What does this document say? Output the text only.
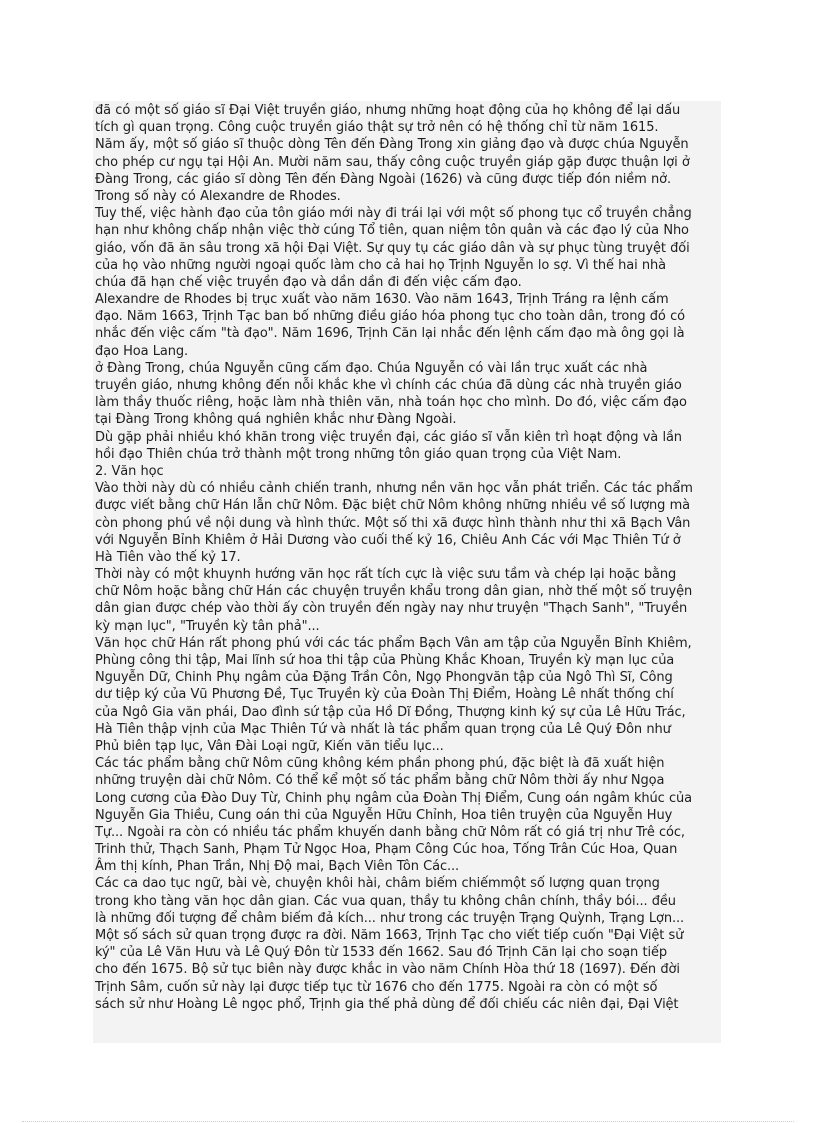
đã có một số giáo sĩ Đại Việt truyền giáo, nhưng những hoạt động của họ không để lại dấu
tích gì quan trọng. Công cuộc truyền giáo thật sự trở nên có hệ thống chỉ từ năm 1615.
Năm ấy, một số giáo sĩ thuộc dòng Tên đến Đàng Trong xin giảng đạo và được chúa Nguyễn
cho phép cư ngụ tại Hội An. Mười năm sau, thấy công cuộc truyền giáp gặp được thuận lợi ở
Đàng Trong, các giáo sĩ dòng Tên đến Đàng Ngoài (1626) và cũng được tiếp đón niềm nở.
Trong số này có Alexandre de Rhodes.
Tuy thế, việc hành đạo của tôn giáo mới này đi trái lại với một số phong tục cổ truyền chẳng
hạn như không chấp nhận việc thờ cúng Tổ tiên, quan niệm tôn quân và các đạo lý của Nho
giáo, vốn đã ăn sâu trong xã hội Đại Việt. Sự quy tụ các giáo dân và sự phục tùng truyệt đối
của họ vào những người ngoại quốc làm cho cả hai họ Trịnh Nguyễn lo sợ. Vì thế hai nhà
chúa đã hạn chế việc truyền đạo và dần dần đi đến việc cấm đạo.
Alexandre de Rhodes bị trục xuất vào năm 1630. Vào năm 1643, Trịnh Tráng ra lệnh cấm
đạo. Năm 1663, Trịnh Tạc ban bố những điều giáo hóa phong tục cho toàn dân, trong đó có
nhắc đến việc cấm "tà đạo". Năm 1696, Trịnh Căn lại nhắc đến lệnh cấm đạo mà ông gọi là
đạo Hoa Lang.
ở Đàng Trong, chúa Nguyễn cũng cấm đạo. Chúa Nguyễn có vài lần trục xuất các nhà
truyền giáo, nhưng không đến nỗi khắc khe vì chính các chúa đã dùng các nhà truyền giáo
làm thầy thuốc riêng, hoặc làm nhà thiên văn, nhà toán học cho mình. Do đó, việc cấm đạo
tại Đàng Trong không quá nghiên khắc như Đàng Ngoài.
Dù gặp phải nhiều khó khăn trong việc truyền đại, các giáo sĩ vẫn kiên trì hoạt động và lần
hồi đạo Thiên chúa trở thành một trong những tôn giáo quan trọng của Việt Nam.
2. Văn học
Vào thời này dù có nhiều cảnh chiến tranh, nhưng nền văn học vẫn phát triển. Các tác phẩm
được viết bằng chữ Hán lẫn chữ Nôm. Đặc biệt chữ Nôm không những nhiều về số lượng mà
còn phong phú về nội dung và hình thức. Một số thi xã được hình thành như thi xã Bạch Vân
với Nguyễn Bỉnh Khiêm ở Hải Dương vào cuối thế kỷ 16, Chiêu Anh Các với Mạc Thiên Tứ ở
Hà Tiên vào thế kỷ 17.
Thời này có một khuynh hướng văn học rất tích cực là việc sưu tầm và chép lại hoặc bằng
chữ Nôm hoặc bằng chữ Hán các chuyện truyền khẩu trong dân gian, nhờ thế một số truyện
dân gian được chép vào thời ấy còn truyền đến ngày nay như truyện "Thạch Sanh", "Truyền
kỳ mạn lục", "Truyền kỳ tân phả"...
Văn học chữ Hán rất phong phú với các tác phẩm Bạch Vân am tập của Nguyễn Bỉnh Khiêm,
Phùng công thi tập, Mai lĩnh sứ hoa thi tập của Phùng Khắc Khoan, Truyền kỳ mạn lục của
Nguyễn Dữ, Chinh Phụ ngâm của Đặng Trần Côn, Ngọ Phongvăn tập của Ngô Thì Sĩ, Công
dư tiệp ký của Vũ Phương Đề, Tục Truyền kỳ của Đoàn Thị Điểm, Hoàng Lê nhất thống chí
của Ngô Gia văn phái, Dao đình sứ tập của Hồ Dĩ Đồng, Thượng kinh ký sự của Lê Hữu Trác,
Hà Tiên thập vịnh của Mạc Thiên Tứ và nhất là tác phẩm quan trọng của Lê Quý Đôn như
Phủ biên tạp lục, Vân Đài Loại ngữ, Kiến văn tiểu lục...
Các tác phẩm bằng chữ Nôm cũng không kém phần phong phú, đặc biệt là đã xuất hiện
những truyện dài chữ Nôm. Có thể kể một số tác phẩm bằng chữ Nôm thời ấy như Ngọa
Long cương của Đào Duy Từ, Chinh phụ ngâm của Đoàn Thị Điểm, Cung oán ngâm khúc của
Nguyễn Gia Thiều, Cung oán thi của Nguyễn Hữu Chỉnh, Hoa tiên truyện của Nguyễn Huy
Tự... Ngoài ra còn có nhiều tác phẩm khuyến danh bằng chữ Nôm rất có giá trị như Trê cóc,
Trinh thử, Thạch Sanh, Phạm Tử Ngọc Hoa, Phạm Công Cúc hoa, Tống Trân Cúc Hoa, Quan
Âm thị kính, Phan Trần, Nhị Độ mai, Bạch Viên Tôn Các...
Các ca dao tục ngữ, bài vè, chuyện khôi hài, châm biếm chiếmmột số lượng quan trọng
trong kho tàng văn học dân gian. Các vua quan, thầy tu không chân chính, thầy bói... đều
là những đối tượng để châm biếm đả kích... như trong các truyện Trạng Quỳnh, Trạng Lợn...
Một số sách sử quan trọng được ra đời. Năm 1663, Trịnh Tạc cho viết tiếp cuốn "Đại Việt sử
ký" của Lê Văn Hưu và Lê Quý Đôn từ 1533 đến 1662. Sau đó Trịnh Căn lại cho soạn tiếp
cho đến 1675. Bộ sử tục biên này được khắc in vào năm Chính Hòa thứ 18 (1697). Đến đời
Trịnh Sâm, cuốn sử này lại được tiếp tục từ 1676 cho đến 1775. Ngoài ra còn có một số
sách sử như Hoàng Lê ngọc phổ, Trịnh gia thế phả dùng để đối chiếu các niên đại, Đại Việt
